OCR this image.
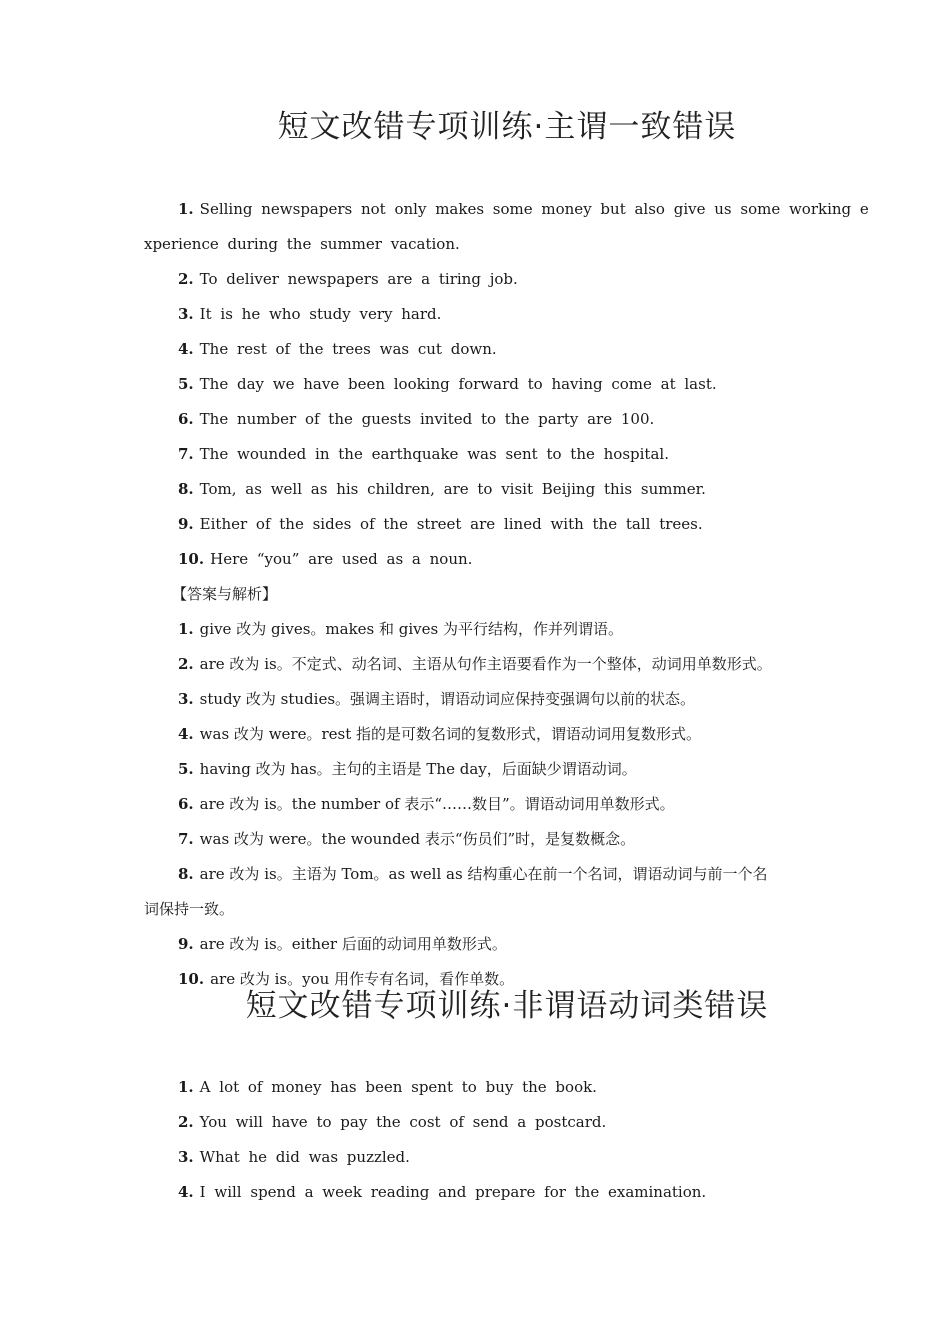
短文改错专项训练·主谓一致错误
1. Selling newspapers not only makes some money but also give us some working e
xperience during the summer vacation.
2. To deliver newspapers are a tiring job.
3. It is he who study very hard.
4. The rest of the trees was cut down.
5. The day we have been looking forward to having come at last.
6. The number of the guests invited to the party are 100.
7. The wounded in the earthquake was sent to the hospital.
8. Tom, as well as his children, are to visit Beijing this summer.
9. Either of the sides of the street are lined with the tall trees.
10. Here “you” are used as a noun.
【答案与解析】
1. give 改为 gives。makes 和 gives 为平行结构，作并列谓语。
2. are 改为 is。不定式、动名词、主语从句作主语要看作为一个整体，动词用单数形式。
3. study 改为 studies。强调主语时，谓语动词应保持变强调句以前的状态。
4. was 改为 were。rest 指的是可数名词的复数形式，谓语动词用复数形式。
5. having 改为 has。主句的主语是 The day，后面缺少谓语动词。
6. are 改为 is。the number of 表示“……数目”。谓语动词用单数形式。
7. was 改为 were。the wounded 表示“伤员们”时，是复数概念。
8. are 改为 is。主语为 Tom。as well as 结构重心在前一个名词，谓语动词与前一个名
词保持一致。
9. are 改为 is。either 后面的动词用单数形式。
10. are 改为 is。you 用作专有名词，看作单数。
短文改错专项训练·非谓语动词类错误
1. A lot of money has been spent to buy the book.
2. You will have to pay the cost of send a postcard.
3. What he did was puzzled.
4. I will spend a week reading and prepare for the examination.
